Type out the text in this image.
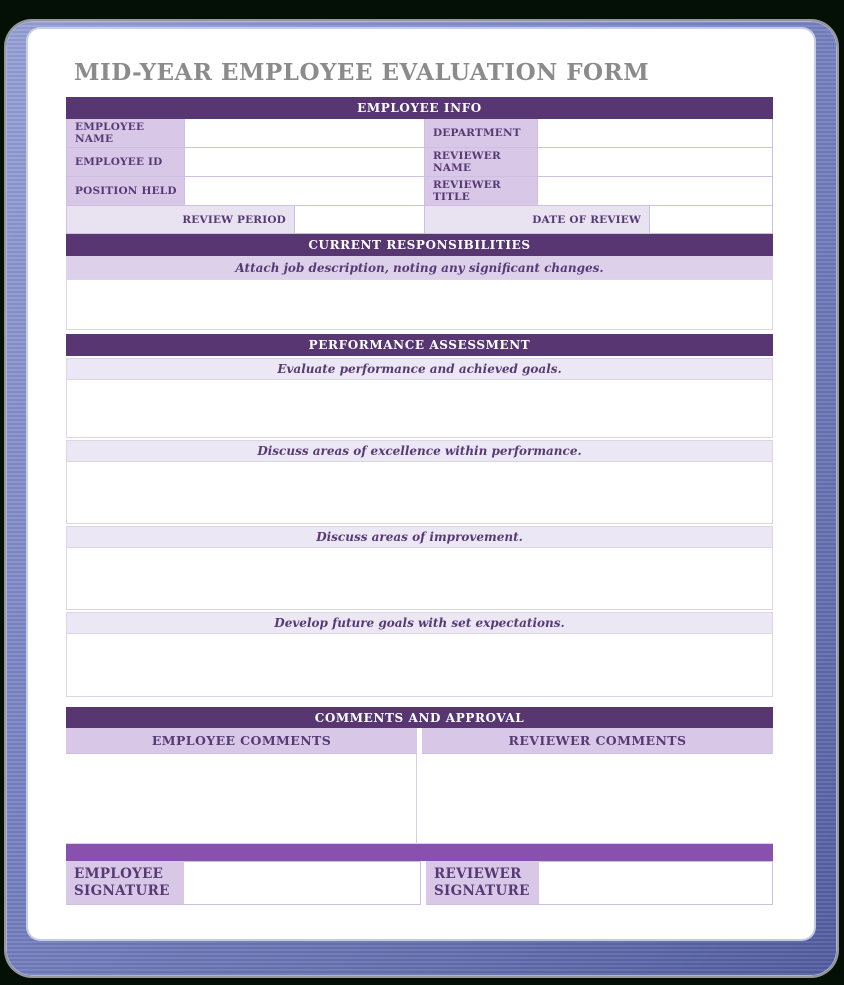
MID-YEAR EMPLOYEE EVALUATION FORM
EMPLOYEE INFO
EMPLOYEE NAME	DEPARTMENT
EMPLOYEE ID	REVIEWER NAME
POSITION HELD	REVIEWER TITLE
REVIEW PERIOD	DATE OF REVIEW
CURRENT RESPONSIBILITIES
Attach job description, noting any significant changes.
PERFORMANCE ASSESSMENT
Evaluate performance and achieved goals.
Discuss areas of excellence within performance.
Discuss areas of improvement.
Develop future goals with set expectations.
COMMENTS AND APPROVAL
EMPLOYEE COMMENTS	REVIEWER COMMENTS
EMPLOYEE SIGNATURE
REVIEWER SIGNATURE
